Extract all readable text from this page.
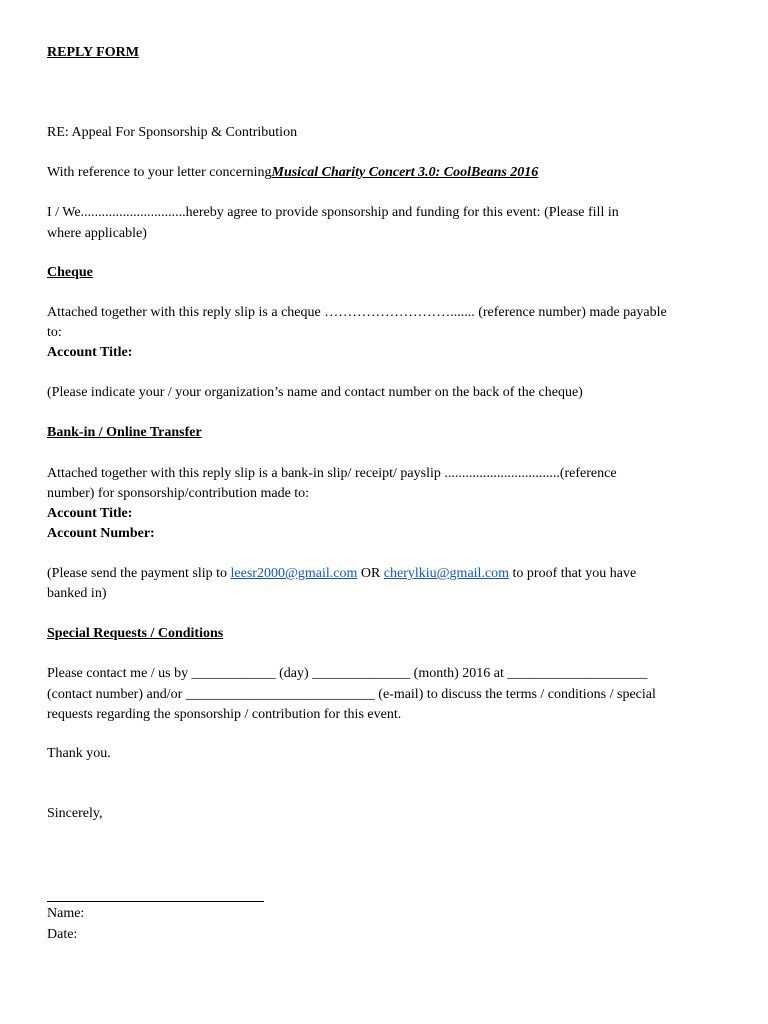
REPLY FORM
RE: Appeal For Sponsorship & Contribution
With reference to your letter concerningMusical Charity Concert 3.0: CoolBeans 2016
I / We..............................hereby agree to provide sponsorship and funding for this event: (Please fill in
where applicable)
Cheque
Attached together with this reply slip is a cheque ………………………....... (reference number) made payable
to:
Account Title:
(Please indicate your / your organization’s name and contact number on the back of the cheque)
Bank-in / Online Transfer
Attached together with this reply slip is a bank-in slip/ receipt/ payslip .................................(reference
number) for sponsorship/contribution made to:
Account Title:
Account Number:
(Please send the payment slip to leesr2000@gmail.com OR cherylkiu@gmail.com to proof that you have
banked in)
Special Requests / Conditions
Please contact me / us by ____________ (day) ______________ (month) 2016 at ____________________
(contact number) and/or ___________________________ (e-mail) to discuss the terms / conditions / special
requests regarding the sponsorship / contribution for this event.
Thank you.
Sincerely,
Name:
Date:
